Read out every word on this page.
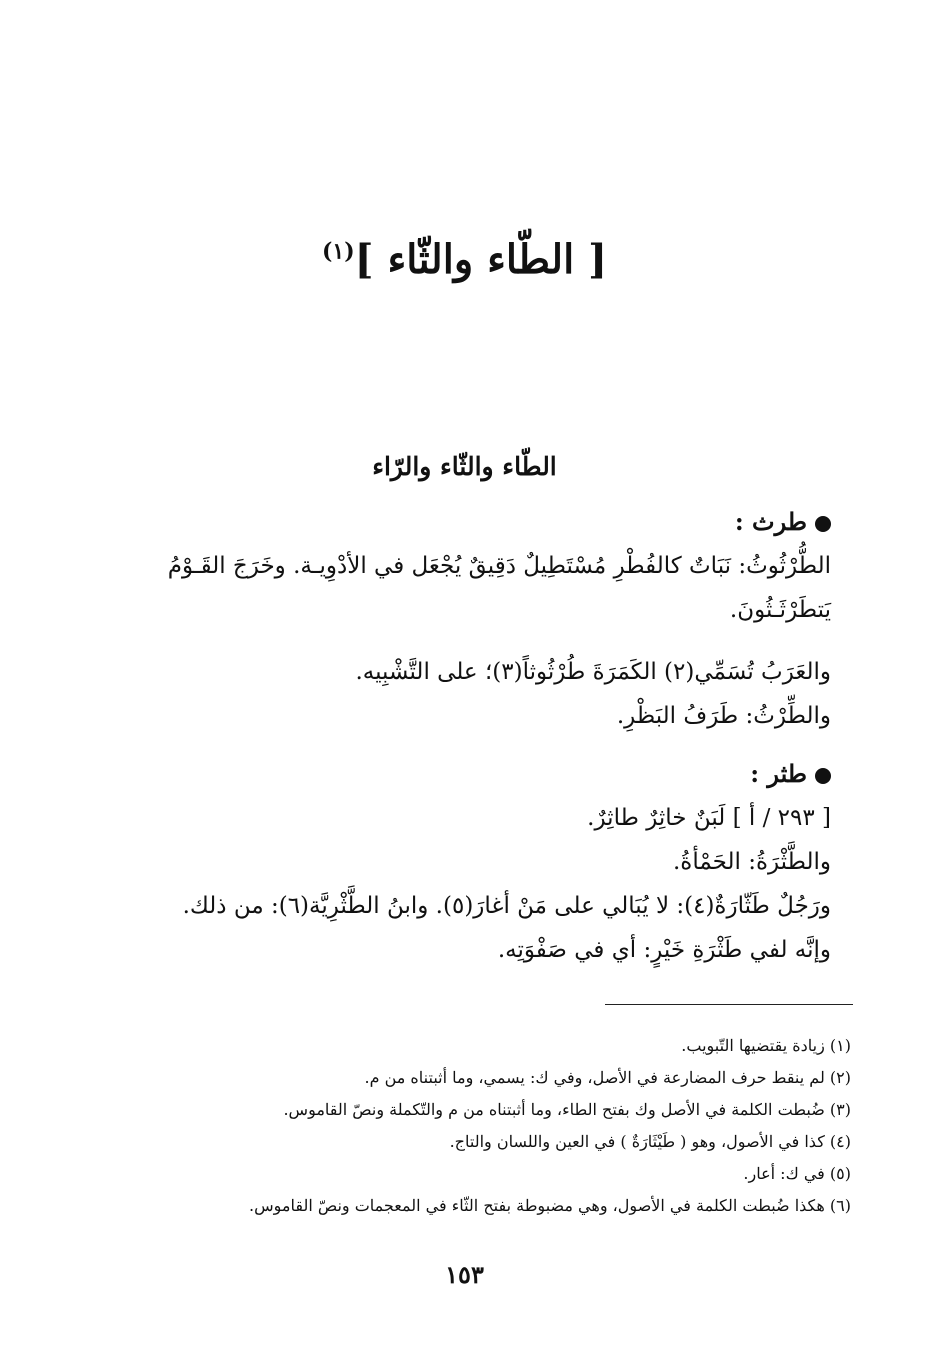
[ الطّاء والثّاء ]$^{(١)}$
الطّاء والثّاء والرّاء
طرث :
الطُّرْثُوثُ: نَبَاتٌ كالفُطْرِ مُسْتَطِيلٌ دَقِيقٌ يُجْعَل في الأدْوِيـة. وخَرَجَ القَـوْمُ
يَتطَرْثَـثُونَ.
والعَرَبُ تُسَمِّي(٢) الكَمَرَةَ طُرْثُوثاً(٣)؛ على التَّشْبِيه.
والطِّرْثُ: طَرَفُ البَظْرِ.
طثر :
[ ٢٩٣ / أ ] لَبَنٌ خاثِرٌ طاثِرٌ.
والطَّثْرَةُ: الحَمْأةُ.
ورَجُلٌ طَثّارَةٌ(٤): لا يُبَالي على مَنْ أغارَ(٥). وابنُ الطَّثْرِيَّة(٦): من ذلك.
وإنَّه لفي طَثْرَةِ خَيْرٍ: أي في صَفْوَتِه.
(١) زيادة يقتضيها التّبويب.
(٢) لم ينقط حرف المضارعة في الأصل، وفي ك: يسمي، وما أثبتناه من م.
(٣) ضُبطت الكلمة في الأصل وك بفتح الطاء، وما أثبتناه من م والتّكملة ونصّ القاموس.
(٤) كذا في الأصول، وهو ( طَيْثَارَةٌ ) في العين واللسان والتاج.
(٥) في ك: أعار.
(٦) هكذا ضُبطت الكلمة في الأصول، وهي مضبوطة بفتح الثّاء في المعجمات ونصّ القاموس.
١٥٣
